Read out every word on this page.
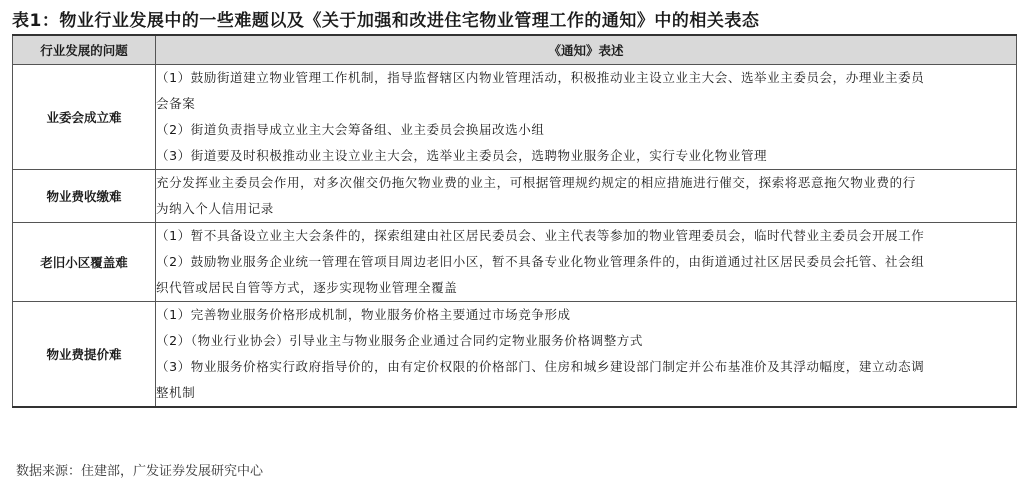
表1：物业行业发展中的一些难题以及《关于加强和改进住宅物业管理工作的通知》中的相关表态
行业发展的问题	《通知》表述
业委会成立难	（1）鼓励街道建立物业管理工作机制，指导监督辖区内物业管理活动，积极推动业主设立业主大会、选举业主委员会，办理业主委员
会备案
（2）街道负责指导成立业主大会筹备组、业主委员会换届改选小组
（3）街道要及时积极推动业主设立业主大会，选举业主委员会，选聘物业服务企业，实行专业化物业管理

物业费收缴难	充分发挥业主委员会作用，对多次催交仍拖欠物业费的业主，可根据管理规约规定的相应措施进行催交，探索将恶意拖欠物业费的行
为纳入个人信用记录

老旧小区覆盖难	（1）暂不具备设立业主大会条件的，探索组建由社区居民委员会、业主代表等参加的物业管理委员会，临时代替业主委员会开展工作
（2）鼓励物业服务企业统一管理在管项目周边老旧小区，暂不具备专业化物业管理条件的，由街道通过社区居民委员会托管、社会组
织代管或居民自管等方式，逐步实现物业管理全覆盖

物业费提价难	（1）完善物业服务价格形成机制，物业服务价格主要通过市场竞争形成
（2）（物业行业协会）引导业主与物业服务企业通过合同约定物业服务价格调整方式
（3）物业服务价格实行政府指导价的，由有定价权限的价格部门、住房和城乡建设部门制定并公布基准价及其浮动幅度，建立动态调
整机制
数据来源：住建部，广发证券发展研究中心
